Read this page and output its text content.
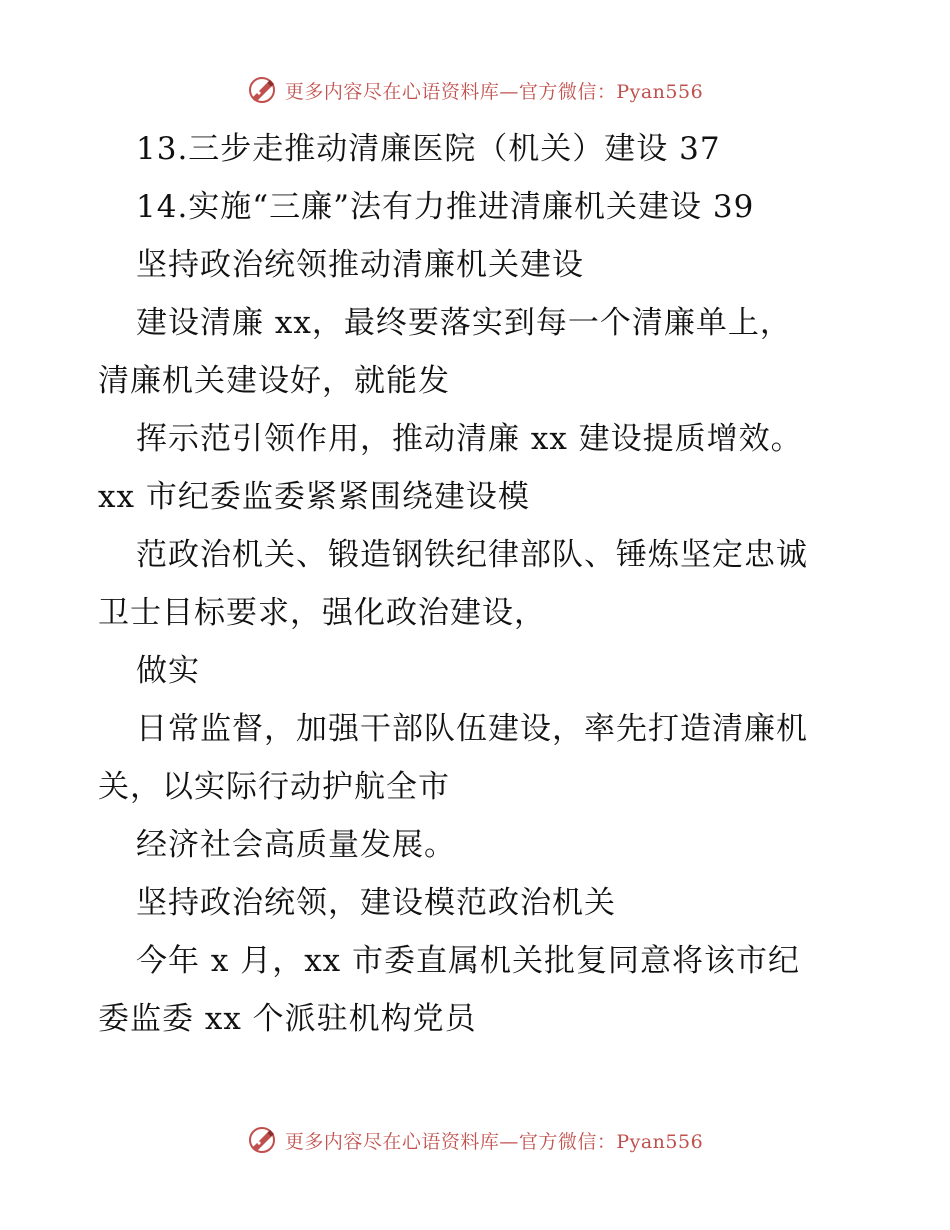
更多内容尽在心语资料库—官方微信：Pyan556
13.三步走推动清廉医院（机关）建设 37
14.实施“三廉”法有力推进清廉机关建设 39
坚持政治统领推动清廉机关建设
建设清廉 xx，最终要落实到每一个清廉单上，
清廉机关建设好，就能发
挥示范引领作用，推动清廉 xx 建设提质增效。
xx 市纪委监委紧紧围绕建设模
范政治机关、锻造钢铁纪律部队、锤炼坚定忠诚
卫士目标要求，强化政治建设，
做实
日常监督，加强干部队伍建设，率先打造清廉机
关，以实际行动护航全市
经济社会高质量发展。
坚持政治统领，建设模范政治机关
今年 x 月，xx 市委直属机关批复同意将该市纪
委监委 xx 个派驻机构党员
更多内容尽在心语资料库—官方微信：Pyan556
